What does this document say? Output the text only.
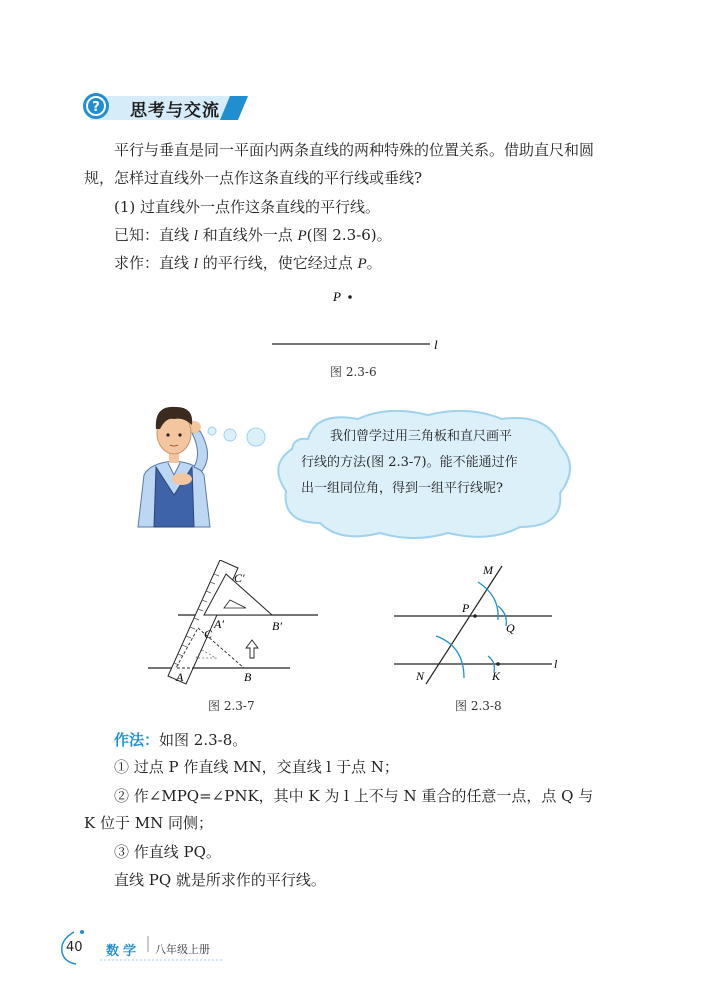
? 思考与交流
平行与垂直是同一平面内两条直线的两种特殊的位置关系。借助直尺和圆
规，怎样过直线外一点作这条直线的平行线或垂线?
(1) 过直线外一点作这条直线的平行线。
已知：直线 l 和直线外一点 P(图 2.3-6)。
求作：直线 l 的平行线，使它经过点 P。
P
l
图 2.3-6
我们曾学过用三角板和直尺画平
行线的方法(图 2.3-7)。能不能通过作
出一组同位角，得到一组平行线呢?
C′
A′
C
B′
A	B
图 2.3-7
M
P
Q
N	K
l
图 2.3-8
作法：如图 2.3-8。
① 过点 P 作直线 MN，交直线 l 于点 N；
② 作∠MPQ=∠PNK，其中 K 为 l 上不与 N 重合的任意一点，点 Q 与
K 位于 MN 同侧；
③ 作直线 PQ。
直线 PQ 就是所求作的平行线。
40 数学 八年级上册
